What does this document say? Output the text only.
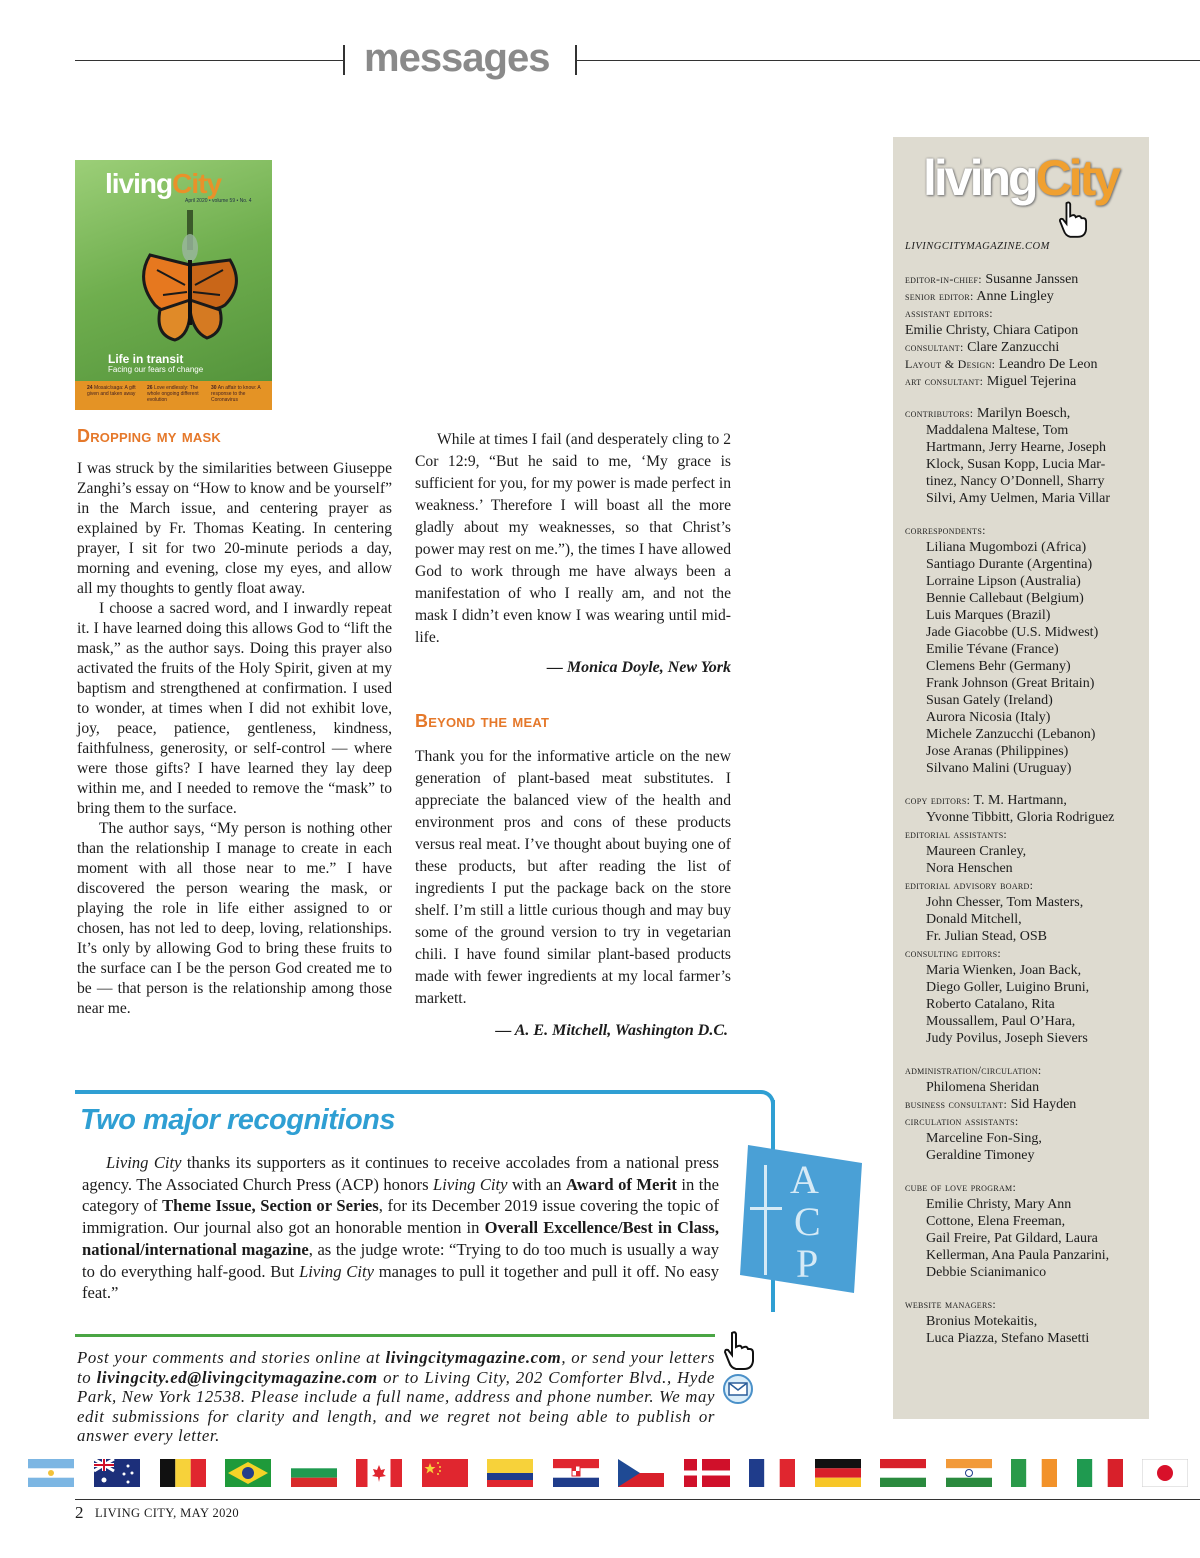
messages
livingCity
April 2020 • volume 59 • No. 4
Life in transit
Facing our fears of change
24 Mosaic/saga: A gift given and taken away
26 Love endlessly: The whole ongoing different evolution
30 An affair to know: A response to the Coronavirus
Dropping my mask

I was struck by the similarities between Giuseppe Zanghi’s essay on “How to know and be yourself” in the March issue, and centering prayer as explained by Fr. Thomas Keating. In centering prayer, I sit for two 20-minute periods a day, morning and evening, close my eyes, and allow all my thoughts to gently float away.

I choose a sacred word, and I inwardly repeat it. I have learned doing this allows God to “lift the mask,” as the author says. Doing this prayer also activated the fruits of the Holy Spirit, given at my baptism and strengthened at confirmation. I used to wonder, at times when I did not exhibit love, joy, peace, patience, gentleness, kindness, faithfulness, generosity, or self-control — where were those gifts? I have learned they lay deep within me, and I needed to remove the “mask” to bring them to the surface.

The author says, “My person is nothing other than the relationship I manage to create in each moment with all those near to me.” I have discovered the person wearing the mask, or playing the role in life either assigned to or chosen, has not led to deep, loving, relationships. It’s only by allowing God to bring these fruits to the surface can I be the person God created me to be — that person is the relationship among those near me.

While at times I fail (and desperately cling to 2 Cor 12:9, “But he said to me, ‘My grace is sufficient for you, for my power is made perfect in weakness.’ Therefore I will boast all the more gladly about my weaknesses, so that Christ’s power may rest on me.”), the times I have allowed God to work through me have always been a manifestation of who I really am, and not the mask I didn’t even know I was wearing until mid-life.

— Monica Doyle, New York
Beyond the meat

Thank you for the informative article on the new generation of plant-based meat substitutes. I appreciate the balanced view of the health and environment pros and cons of these products versus real meat. I’ve thought about buying one of these products, but after reading the list of ingredients I put the package back on the store shelf. I’m still a little curious though and may buy some of the ground version to try in vegetarian chili. I have found similar plant-based products made with fewer ingredients at my local farmer’s markett.

— A. E. Mitchell, Washington D.C.
Two major recognitions
Living City thanks its supporters as it continues to receive accolades from a national press agency. The Associated Church Press (ACP) honors Living City with an Award of Merit in the category of Theme Issue, Section or Series, for its December 2019 issue covering the topic of immigration. Our journal also got an honorable mention in Overall Excellence/Best in Class, national/international magazine, as the judge wrote: “Trying to do too much is usually a way to do everything half-good. But Living City manages to pull it together and pull it off. No easy feat.”
A
C
P
Post your comments and stories online at livingcitymagazine.com, or send your letters to livingcity.ed@livingcitymagazine.com or to Living City, 202 Comforter Blvd., Hyde Park, New York 12538. Please include a full name, address and phone number. We may edit submissions for clarity and length, and we regret not being able to publish or answer every letter.
livingCity
LIVINGCITYMAGAZINE.COM
editor-in-chief: Susanne Janssen
senior editor: Anne Lingley
assistant editors:
Emilie Christy, Chiara Catipon
consultant: Clare Zanzucchi
Layout & Design: Leandro De Leon
art consultant: Miguel Tejerina
contributors: Marilyn Boesch,
Maddalena Maltese, Tom
Hartmann, Jerry Hearne, Joseph
Klock, Susan Kopp, Lucia Mar-
tinez, Nancy O’Donnell, Sharry
Silvi, Amy Uelmen, Maria Villar
correspondents:
Liliana Mugombozi (Africa)
Santiago Durante (Argentina)
Lorraine Lipson (Australia)
Bennie Callebaut (Belgium)
Luis Marques (Brazil)
Jade Giacobbe (U.S. Midwest)
Emilie Tévane (France)
Clemens Behr (Germany)
Frank Johnson (Great Britain)
Susan Gately (Ireland)
Aurora Nicosia (Italy)
Michele Zanzucchi (Lebanon)
Jose Aranas (Philippines)
Silvano Malini (Uruguay)
copy editors: T. M. Hartmann,
Yvonne Tibbitt, Gloria Rodriguez
editorial assistants:
Maureen Cranley,
Nora Henschen
editorial advisory board:
John Chesser, Tom Masters,
Donald Mitchell,
Fr. Julian Stead, OSB
consulting editors:
Maria Wienken, Joan Back,
Diego Goller, Luigino Bruni,
Roberto Catalano, Rita
Moussallem, Paul O’Hara,
Judy Povilus, Joseph Sievers
administration/circulation:
Philomena Sheridan
business consultant: Sid Hayden
circulation assistants:
Marceline Fon-Sing,
Geraldine Timoney
cube of love program:
Emilie Christy, Mary Ann
Cottone, Elena Freeman,
Gail Freire, Pat Gildard, Laura
Kellerman, Ana Paula Panzarini,
Debbie Scianimanico
website managers:
Bronius Motekaitis,
Luca Piazza, Stefano Masetti
2 LIVING CITY, MAY 2020
